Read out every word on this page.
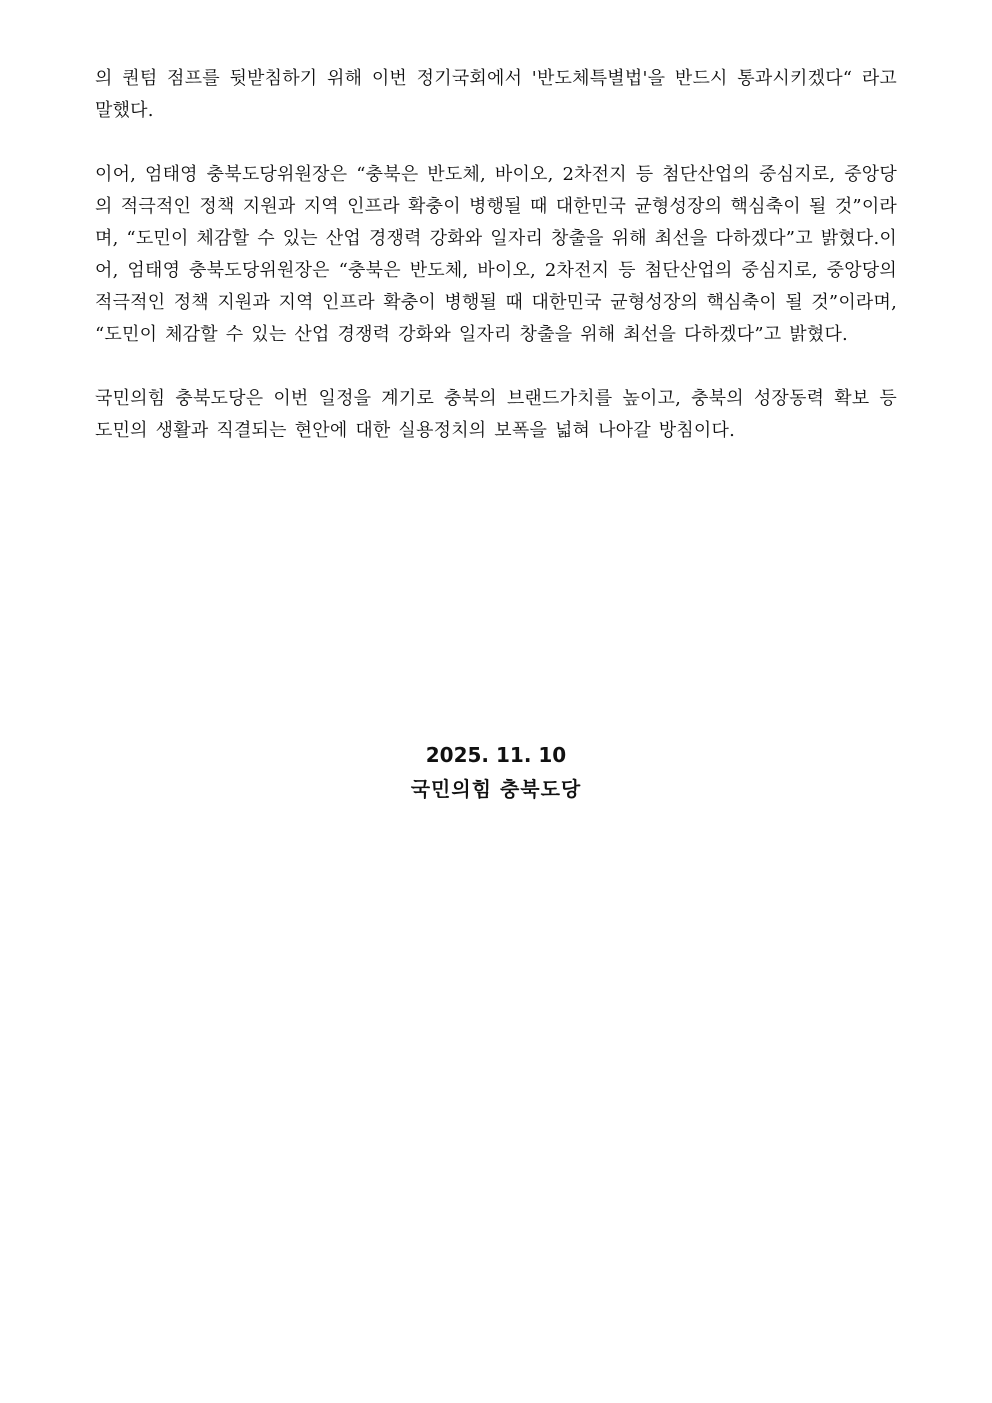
의 퀀텀 점프를 뒷받침하기 위해 이번 정기국회에서 '반도체특별법'을 반드시 통과시키겠다“ 라고 말했다.

이어, 엄태영 충북도당위원장은 “충북은 반도체, 바이오, 2차전지 등 첨단산업의 중심지로, 중앙당의 적극적인 정책 지원과 지역 인프라 확충이 병행될 때 대한민국 균형성장의 핵심축이 될 것”이라며, “도민이 체감할 수 있는 산업 경쟁력 강화와 일자리 창출을 위해 최선을 다하겠다”고 밝혔다.이어, 엄태영 충북도당위원장은 “충북은 반도체, 바이오, 2차전지 등 첨단산업의 중심지로, 중앙당의 적극적인 정책 지원과 지역 인프라 확충이 병행될 때 대한민국 균형성장의 핵심축이 될 것”이라며, “도민이 체감할 수 있는 산업 경쟁력 강화와 일자리 창출을 위해 최선을 다하겠다”고 밝혔다.

국민의힘 충북도당은 이번 일정을 계기로 충북의 브랜드가치를 높이고, 충북의 성장동력 확보 등 도민의 생활과 직결되는 현안에 대한 실용정치의 보폭을 넓혀 나아갈 방침이다.

2025. 11. 10
국민의힘 충북도당
